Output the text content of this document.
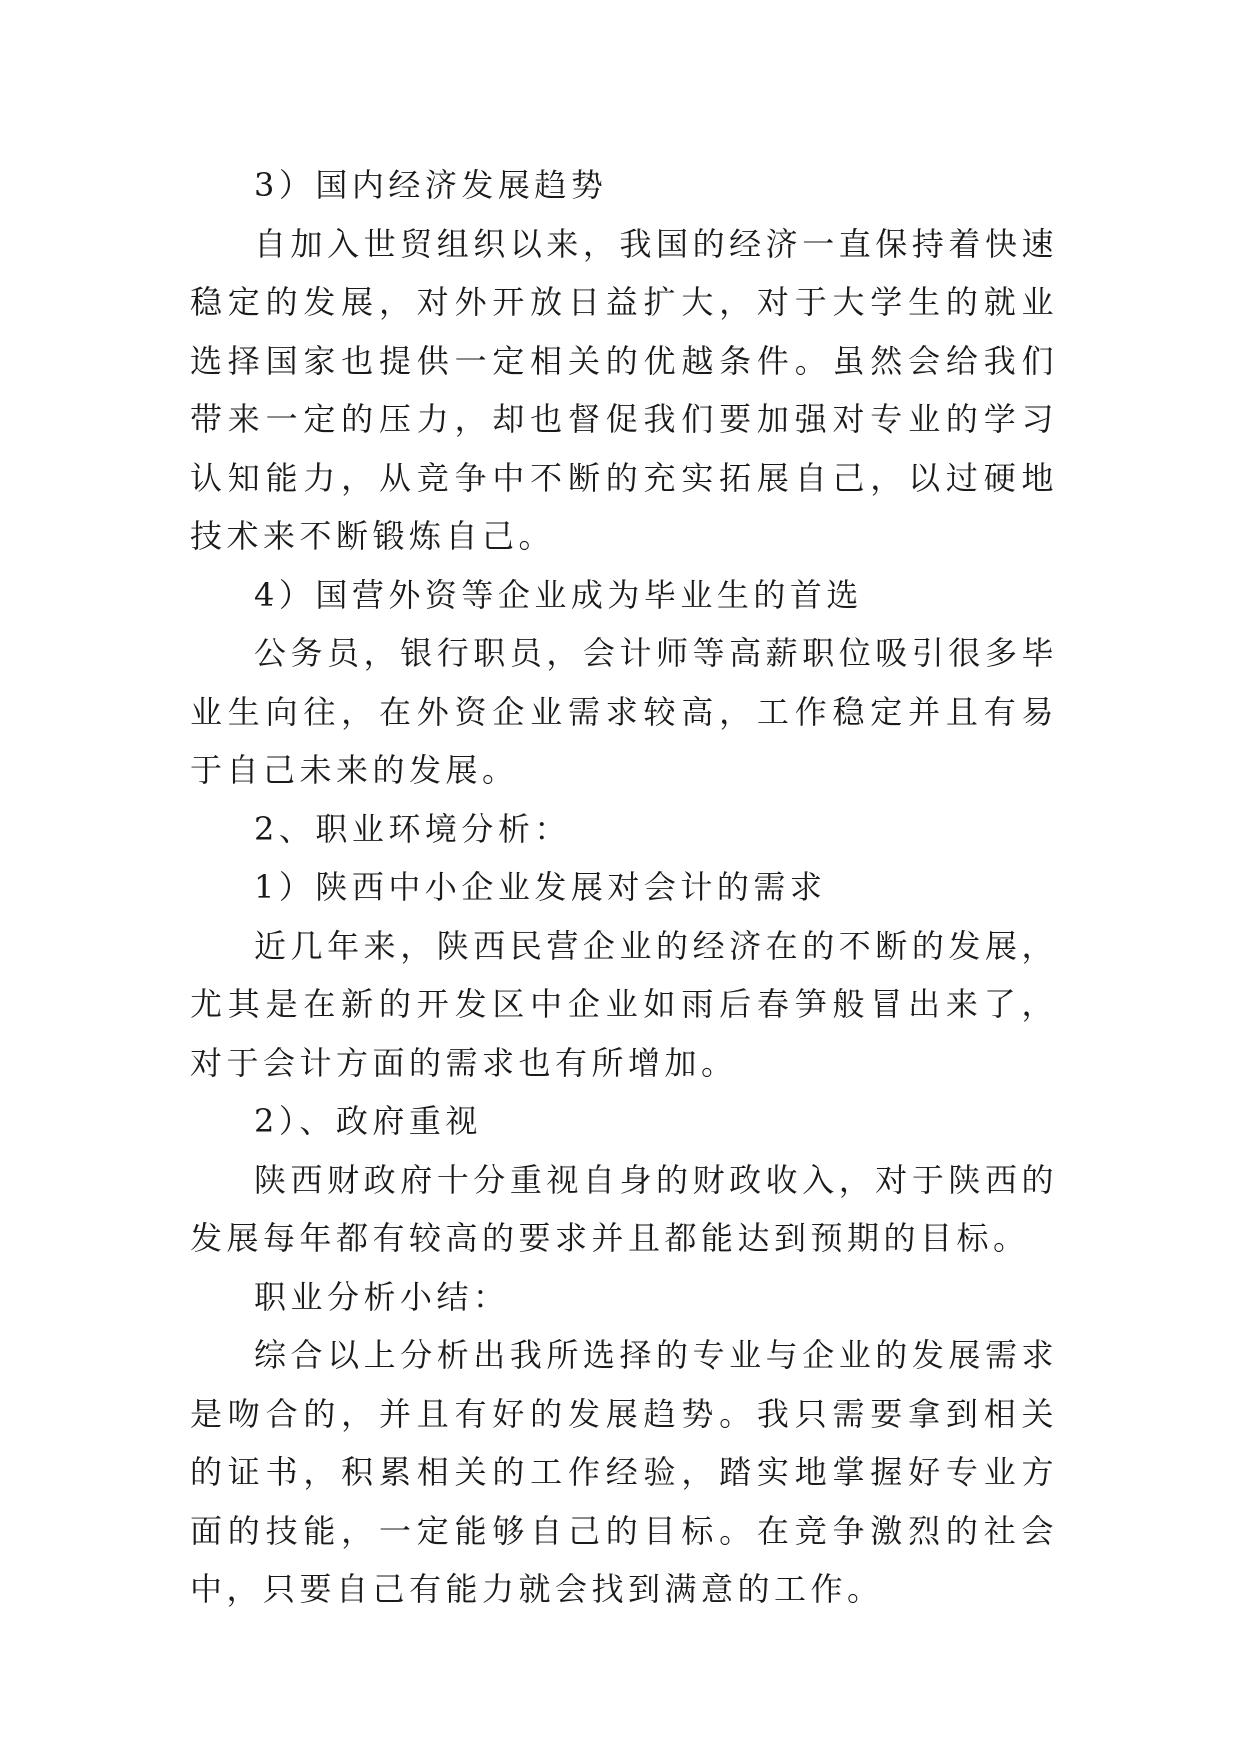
3）国内经济发展趋势

自加入世贸组织以来，我国的经济一直保持着快速稳定的发展，对外开放日益扩大，对于大学生的就业选择国家也提供一定相关的优越条件。虽然会给我们带来一定的压力，却也督促我们要加强对专业的学习认知能力，从竞争中不断的充实拓展自己，以过硬地技术来不断锻炼自己。

4）国营外资等企业成为毕业生的首选

公务员，银行职员，会计师等高薪职位吸引很多毕业生向往，在外资企业需求较高，工作稳定并且有易于自己未来的发展。

2、职业环境分析：

1）陕西中小企业发展对会计的需求

近几年来，陕西民营企业的经济在的不断的发展，尤其是在新的开发区中企业如雨后春笋般冒出来了，对于会计方面的需求也有所增加。

2）、政府重视

陕西财政府十分重视自身的财政收入，对于陕西的发展每年都有较高的要求并且都能达到预期的目标。

职业分析小结：

综合以上分析出我所选择的专业与企业的发展需求是吻合的，并且有好的发展趋势。我只需要拿到相关的证书，积累相关的工作经验，踏实地掌握好专业方面的技能，一定能够自己的目标。在竞争激烈的社会中，只要自己有能力就会找到满意的工作。
